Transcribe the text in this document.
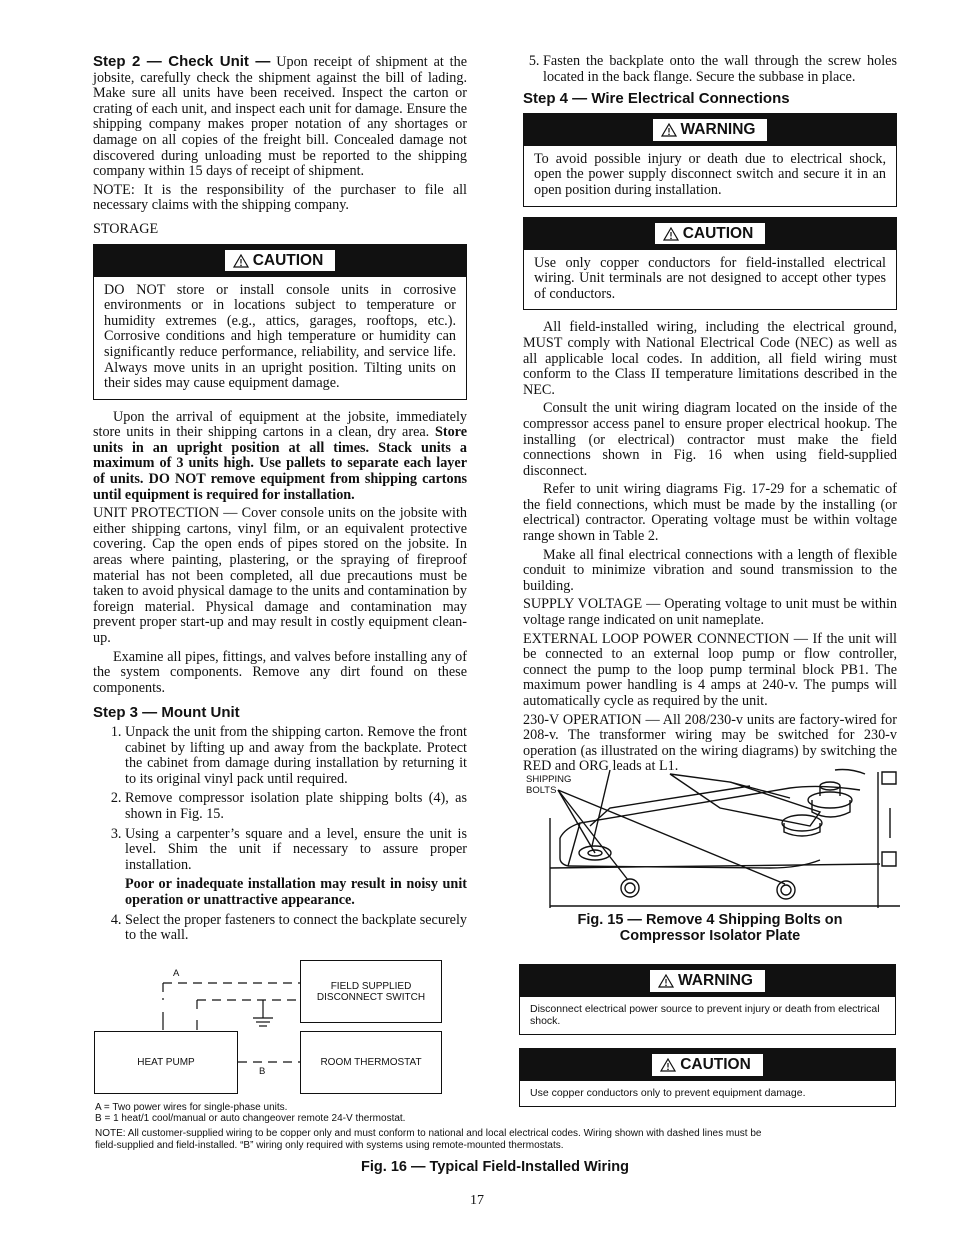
Step 2 — Check Unit — Upon receipt of shipment at the jobsite, carefully check the shipment against the bill of lading. Make sure all units have been received. Inspect the carton or crating of each unit, and inspect each unit for damage. Ensure the shipping company makes proper notation of any shortages or damage on all copies of the freight bill. Concealed damage not discovered during unloading must be reported to the shipping company within 15 days of receipt of shipment.

NOTE: It is the responsibility of the purchaser to file all necessary claims with the shipping company.

STORAGE

CAUTION
DO NOT store or install console units in corrosive environments or in locations subject to temperature or humidity extremes (e.g., attics, garages, rooftops, etc.). Corrosive conditions and high temperature or humidity can significantly reduce performance, reliability, and service life. Always move units in an upright position. Tilting units on their sides may cause equipment damage.

Upon the arrival of equipment at the jobsite, immediately store units in their shipping cartons in a clean, dry area. Store units in an upright position at all times. Stack units a maximum of 3 units high. Use pallets to separate each layer of units. DO NOT remove equipment from shipping cartons until equipment is required for installation.

UNIT PROTECTION — Cover console units on the jobsite with either shipping cartons, vinyl film, or an equivalent protective covering. Cap the open ends of pipes stored on the jobsite. In areas where painting, plastering, or the spraying of fireproof material has not been completed, all due precautions must be taken to avoid physical damage to the units and contamination by foreign material. Physical damage and contamination may prevent proper start-up and may result in costly equipment clean-up.

Examine all pipes, fittings, and valves before installing any of the system components. Remove any dirt found on these components.

Step 3 — Mount Unit
1. Unpack the unit from the shipping carton. Remove the front cabinet by lifting up and away from the backplate. Protect the cabinet from damage during installation by returning it to its original vinyl pack until required.
2. Remove compressor isolation plate shipping bolts (4), as shown in Fig. 15.
3. Using a carpenter’s square and a level, ensure the unit is level. Shim the unit if necessary to assure proper installation.
Poor or inadequate installation may result in noisy unit operation or unattractive appearance.
4. Select the proper fasteners to connect the backplate securely to the wall.
5. Fasten the backplate onto the wall through the screw holes located in the back flange. Secure the subbase in place.
Step 4 — Wire Electrical Connections
WARNING
To avoid possible injury or death due to electrical shock, open the power supply disconnect switch and secure it in an open position during installation.
CAUTION
Use only copper conductors for field-installed electrical wiring. Unit terminals are not designed to accept other types of conductors.

All field-installed wiring, including the electrical ground, MUST comply with National Electrical Code (NEC) as well as all applicable local codes. In addition, all field wiring must conform to the Class II temperature limitations described in the NEC.

Consult the unit wiring diagram located on the inside of the compressor access panel to ensure proper electrical hookup. The installing (or electrical) contractor must make the field connections shown in Fig. 16 when using field-supplied disconnect.

Refer to unit wiring diagrams Fig. 17-29 for a schematic of the field connections, which must be made by the installing (or electrical) contractor. Operating voltage must be within voltage range shown in Table 2.

Make all final electrical connections with a length of flexible conduit to minimize vibration and sound transmission to the building.

SUPPLY VOLTAGE — Operating voltage to unit must be within voltage range indicated on unit nameplate.

EXTERNAL LOOP POWER CONNECTION — If the unit will be connected to an external loop pump or flow controller, connect the pump to the loop pump terminal block PB1. The maximum power handling is 4 amps at 240-v. The pumps will automatically cycle as required by the unit.

230-V OPERATION — All 208/230-v units are factory-wired for 208-v. The transformer wiring may be switched for 230-v operation (as illustrated on the wiring diagrams) by switching the RED and ORG leads at L1.

SHIPPING
BOLTS
Fig. 15 — Remove 4 Shipping Bolts on
Compressor Isolator Plate
WARNING
Disconnect electrical power source to prevent injury or death from electrical shock.
CAUTION
Use copper conductors only to prevent equipment damage.
A
B
FIELD SUPPLIED
DISCONNECT SWITCH
HEAT PUMP	ROOM THERMOSTAT
A = Two power wires for single-phase units.
B = 1 heat/1 cool/manual or auto changeover remote 24-V thermostat.
NOTE: All customer-supplied wiring to be copper only and must conform to national and local electrical codes. Wiring shown with dashed lines must be
field-supplied and field-installed. “B” wiring only required with systems using remote-mounted thermostats.
Fig. 16 — Typical Field-Installed Wiring
17
